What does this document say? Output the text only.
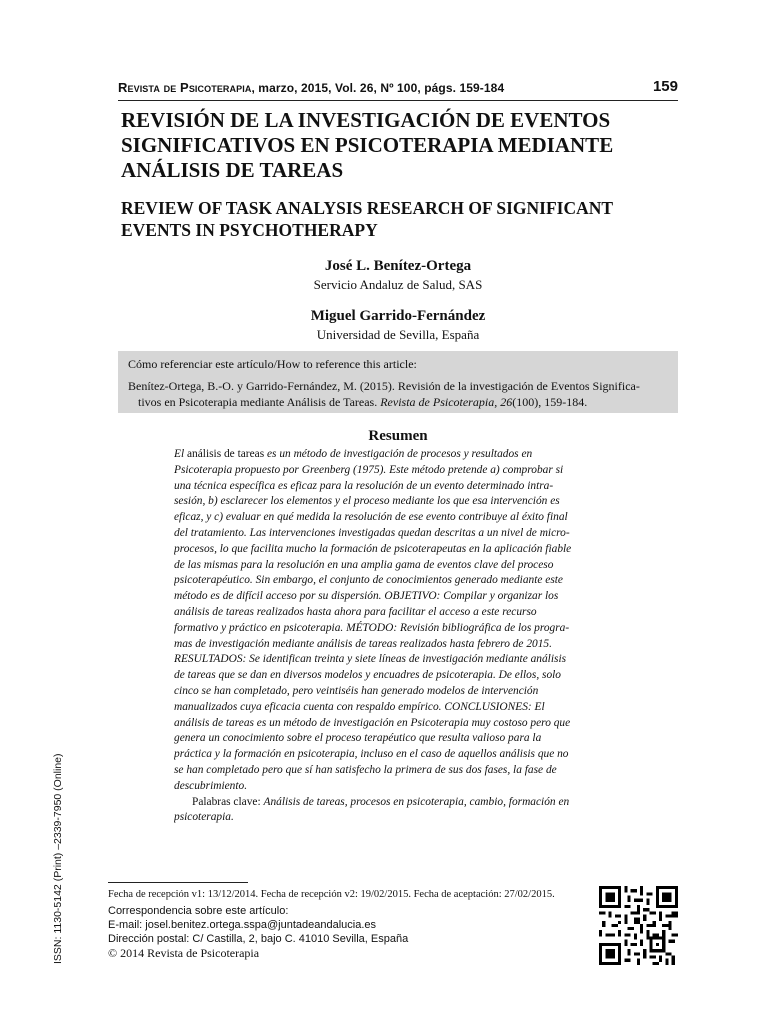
Revista de Psicoterapia, marzo, 2015, Vol. 26, Nº 100, págs. 159-184	159
REVISIÓN DE LA INVESTIGACIÓN DE EVENTOS
SIGNIFICATIVOS EN PSICOTERAPIA MEDIANTE
ANÁLISIS DE TAREAS
REVIEW OF TASK ANALYSIS RESEARCH OF SIGNIFICANT
EVENTS IN PSYCHOTHERAPY
José L. Benítez-Ortega
Servicio Andaluz de Salud, SAS
Miguel Garrido-Fernández
Universidad de Sevilla, España
Cómo referenciar este artículo/How to reference this article:
Benítez-Ortega, B.-O. y Garrido-Fernández, M. (2015). Revisión de la investigación de Eventos Significa-
tivos en Psicoterapia mediante Análisis de Tareas. Revista de Psicoterapia, 26(100), 159-184.
Resumen
El análisis de tareas es un método de investigación de procesos y resultados en
Psicoterapia propuesto por Greenberg (1975). Este método pretende a) comprobar si
una técnica específica es eficaz para la resolución de un evento determinado intra-
sesión, b) esclarecer los elementos y el proceso mediante los que esa intervención es
eficaz, y c) evaluar en qué medida la resolución de ese evento contribuye al éxito final
del tratamiento. Las intervenciones investigadas quedan descritas a un nivel de micro-
procesos, lo que facilita mucho la formación de psicoterapeutas en la aplicación fiable
de las mismas para la resolución en una amplia gama de eventos clave del proceso
psicoterapéutico. Sin embargo, el conjunto de conocimientos generado mediante este
método es de difícil acceso por su dispersión. OBJETIVO: Compilar y organizar los
análisis de tareas realizados hasta ahora para facilitar el acceso a este recurso
formativo y práctico en psicoterapia. MÉTODO: Revisión bibliográfica de los progra-
mas de investigación mediante análisis de tareas realizados hasta febrero de 2015.
RESULTADOS: Se identifican treinta y siete líneas de investigación mediante análisis
de tareas que se dan en diversos modelos y encuadres de psicoterapia. De ellos, solo
cinco se han completado, pero veintiséis han generado modelos de intervención
manualizados cuya eficacia cuenta con respaldo empírico. CONCLUSIONES: El
análisis de tareas es un método de investigación en Psicoterapia muy costoso pero que
genera un conocimiento sobre el proceso terapéutico que resulta valioso para la
práctica y la formación en psicoterapia, incluso en el caso de aquellos análisis que no
se han completado pero que sí han satisfecho la primera de sus dos fases, la fase de
descubrimiento.
Palabras clave: Análisis de tareas, procesos en psicoterapia, cambio, formación en
psicoterapia.
ISSN: 1130-5142 (Print) –2339-7950 (Online)	Fecha de recepción v1: 13/12/2014. Fecha de recepción v2: 19/02/2015. Fecha de aceptación: 27/02/2015.
Correspondencia sobre este artículo:
E-mail: josel.benitez.ortega.sspa@juntadeandalucia.es
Dirección postal: C/ Castilla, 2, bajo C. 41010 Sevilla, España
© 2014 Revista de Psicoterapia
